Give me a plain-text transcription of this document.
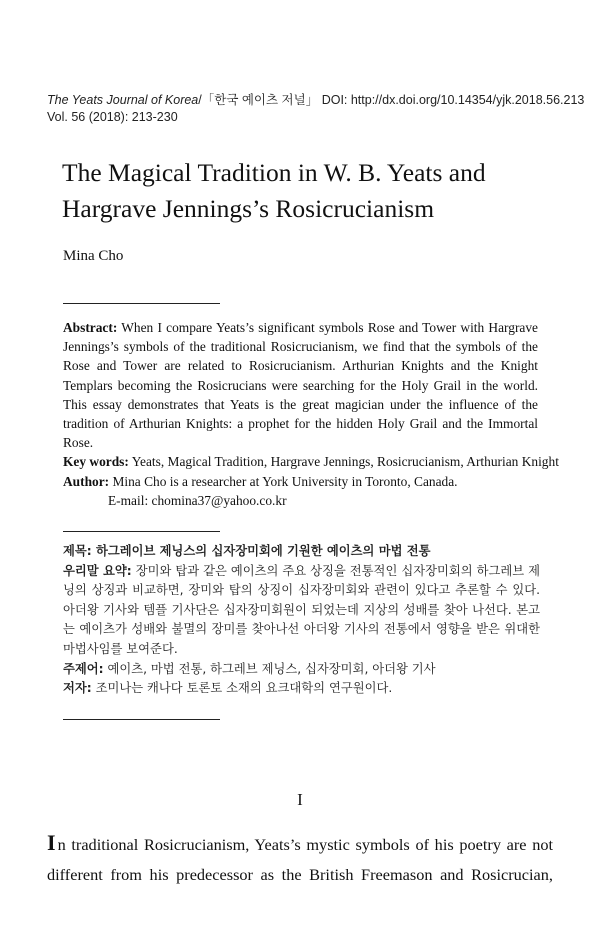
The Yeats Journal of Korea/「한국 예이츠 저널」 DOI: http://dx.doi.org/10.14354/yjk.2018.56.213
Vol. 56 (2018): 213-230
The Magical Tradition in W. B. Yeats and
Hargrave Jennings’s Rosicrucianism
Mina Cho

Abstract: When I compare Yeats’s significant symbols Rose and Tower with Hargrave Jennings’s symbols of the traditional Rosicrucianism, we find that the symbols of the Rose and Tower are related to Rosicrucianism. Arthurian Knights and the Knight Templars becoming the Rosicrucians were searching for the Holy Grail in the world. This essay demonstrates that Yeats is the great magician under the influence of the tradition of Arthurian Knights: a prophet for the hidden Holy Grail and the Immortal Rose.

Key words: Yeats, Magical Tradition, Hargrave Jennings, Rosicrucianism, Arthurian Knight

Author: Mina Cho is a researcher at York University in Toronto, Canada.

E-mail: chomina37@yahoo.co.kr

제목: 하그레이브 제닝스의 십자장미회에 기원한 예이츠의 마법 전통

우리말 요약: 장미와 탑과 같은 예이츠의 주요 상징을 전통적인 십자장미회의 하그레브 제닝의 상징과 비교하면, 장미와 탑의 상징이 십자장미회와 관련이 있다고 추론할 수 있다. 아더왕 기사와 템플 기사단은 십자장미회원이 되었는데 지상의 성배를 찾아 나선다. 본고는 예이츠가 성배와 불멸의 장미를 찾아나선 아더왕 기사의 전통에서 영향을 받은 위대한 마법사임를 보여준다.

주제어: 예이츠, 마법 전통, 하그레브 제닝스, 십자장미회, 아더왕 기사

저자: 조미나는 캐나다 토론토 소재의 요크대학의 연구원이다.

I

I n traditional Rosicrucianism, Yeats’s mystic symbols of his poetry are not

different from his predecessor as the British Freemason and Rosicrucian,
